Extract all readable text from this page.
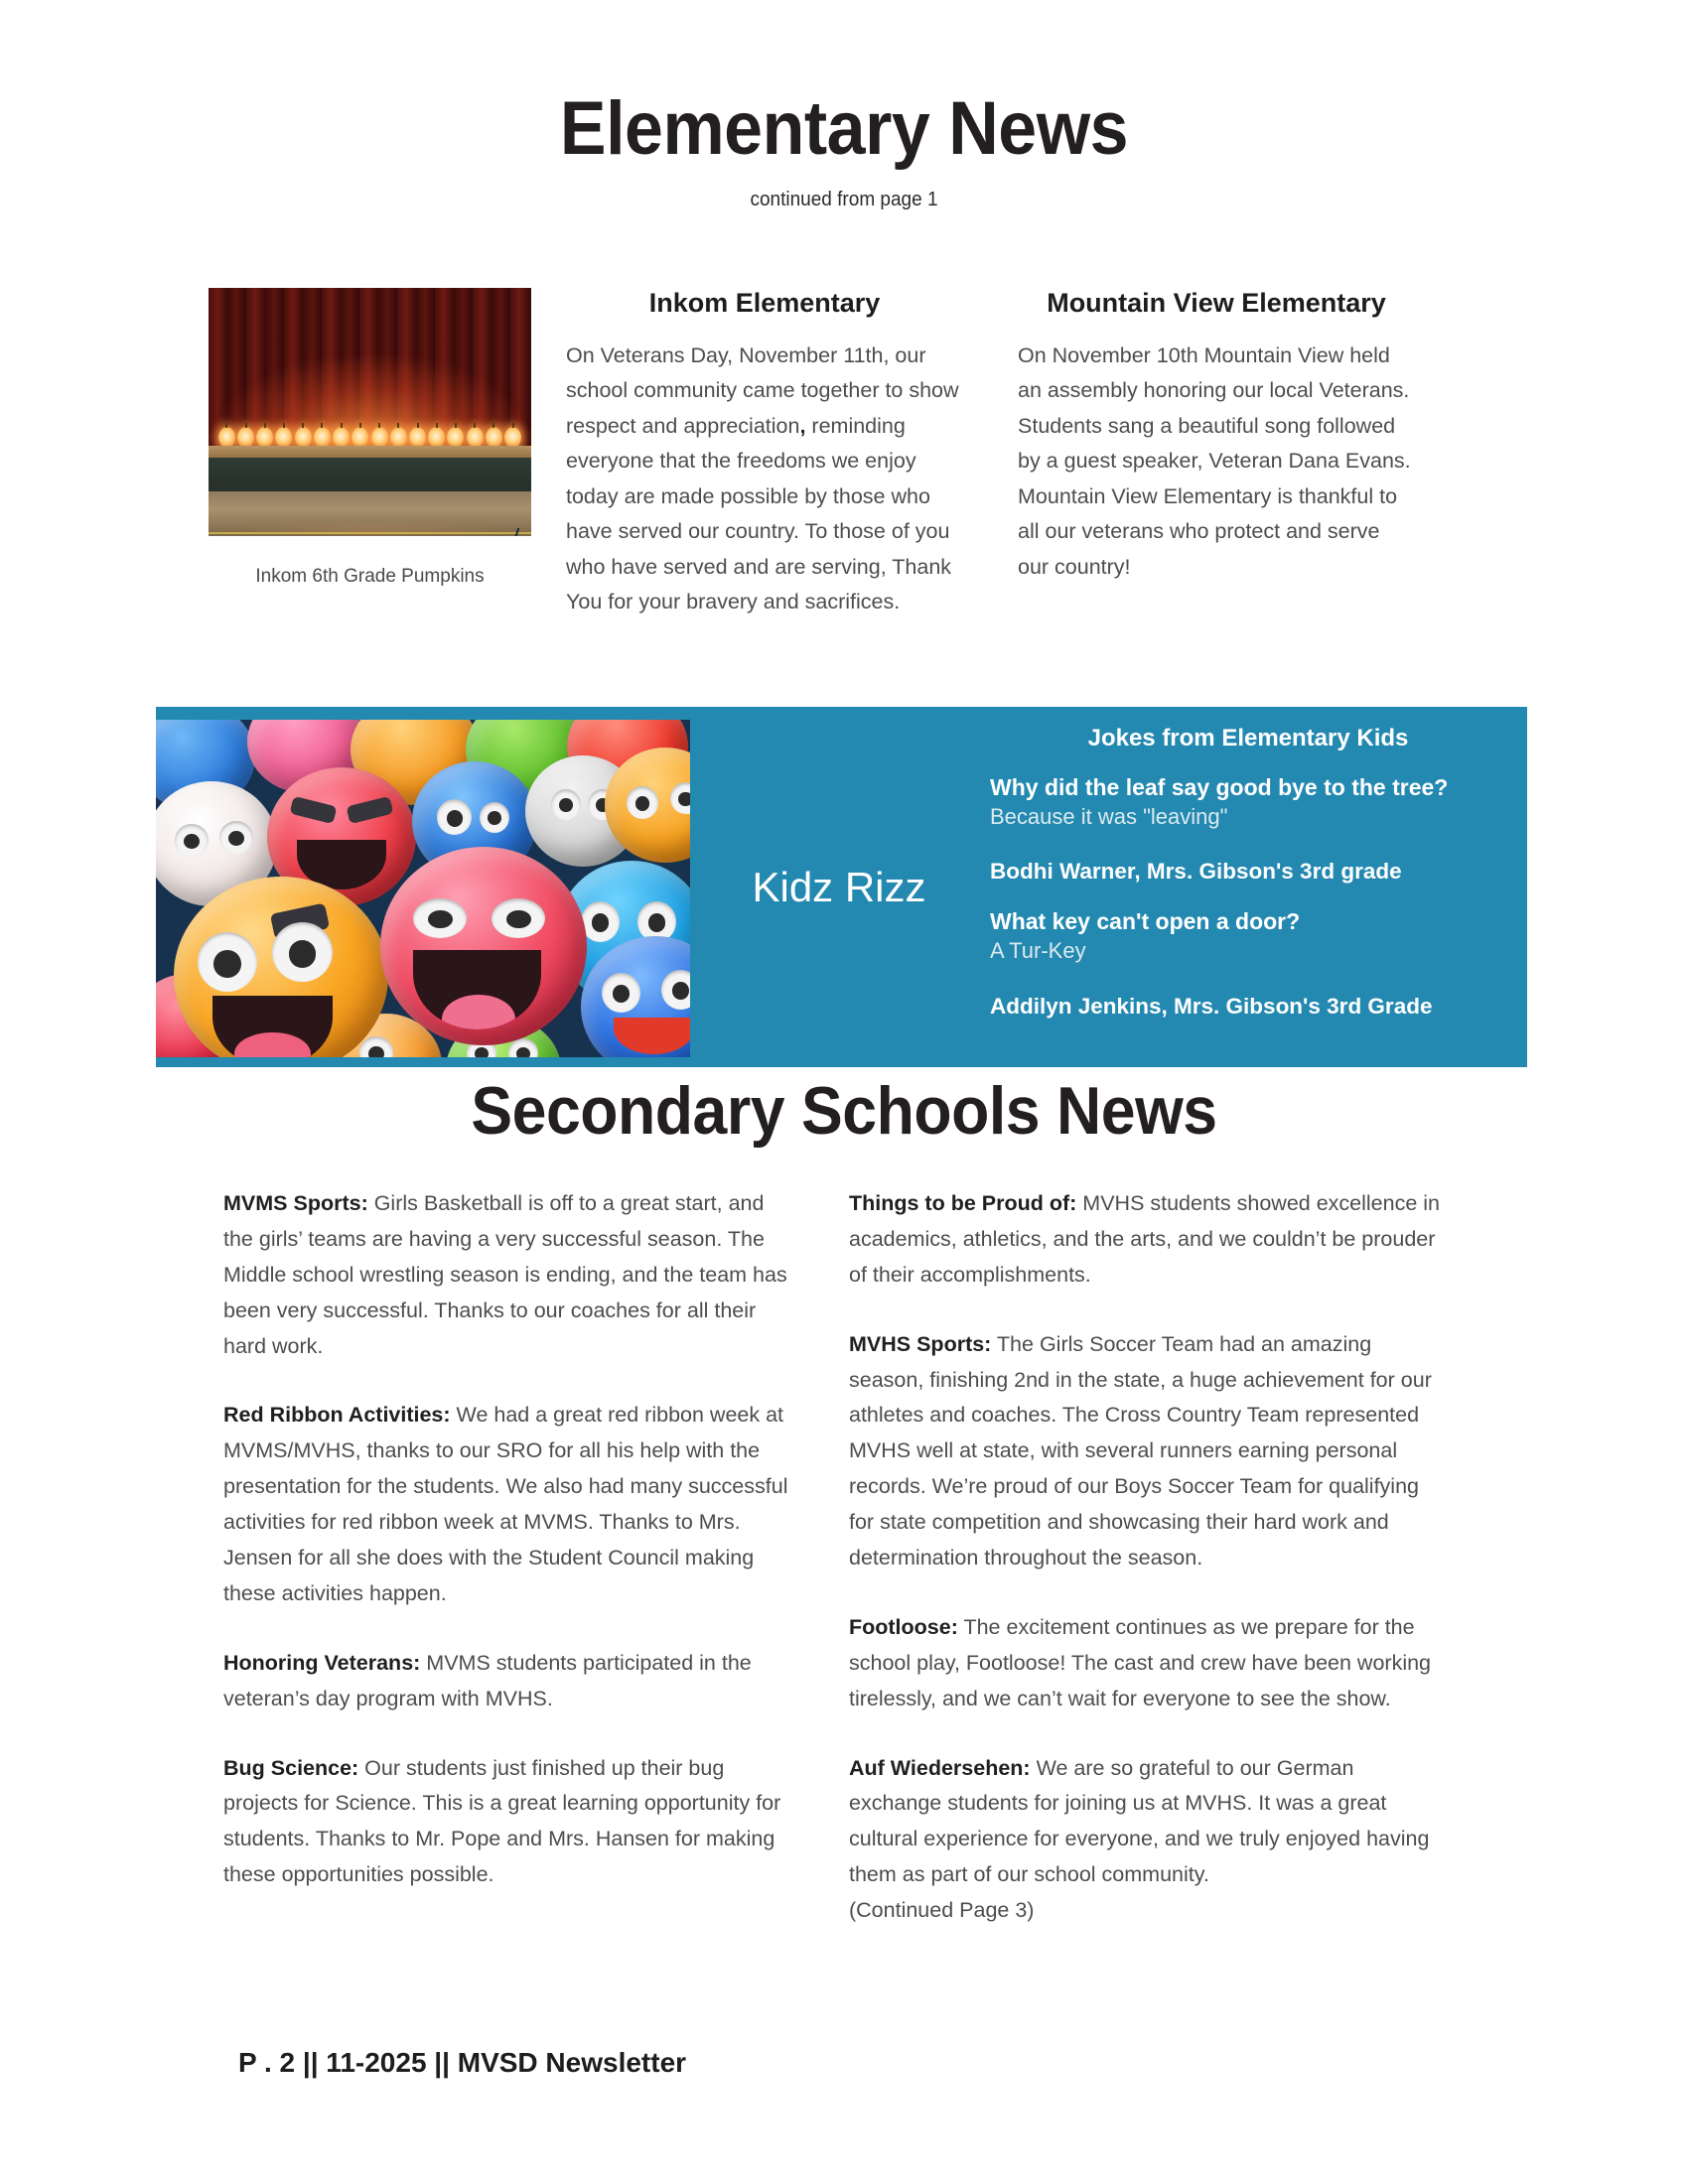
Elementary News
continued from page 1
Inkom 6th Grade Pumpkins
Inkom Elementary

On Veterans Day, November 11th, our school community came together to show respect and appreciation, reminding everyone that the freedoms we enjoy today are made possible by those who have served our country. To those of you who have served and are serving, Thank You for your bravery and sacrifices.

Mountain View Elementary

On November 10th Mountain View held an assembly honoring our local Veterans. Students sang a beautiful song followed by a guest speaker, Veteran Dana Evans. Mountain View Elementary is thankful to all our veterans who protect and serve our country!

Kidz Rizz
Jokes from Elementary Kids
Why did the leaf say good bye to the tree?
Because it was "leaving"
Bodhi Warner, Mrs. Gibson's 3rd grade
What key can't open a door?
A Tur-Key
Addilyn Jenkins, Mrs. Gibson's 3rd Grade
Secondary Schools News

MVMS Sports: Girls Basketball is off to a great start, and the girls’ teams are having a very successful season. The Middle school wrestling season is ending, and the team has been very successful. Thanks to our coaches for all their hard work.

Red Ribbon Activities: We had a great red ribbon week at MVMS/MVHS, thanks to our SRO for all his help with the presentation for the students. We also had many successful activities for red ribbon week at MVMS. Thanks to Mrs. Jensen for all she does with the Student Council making these activities happen.

Honoring Veterans: MVMS students participated in the veteran’s day program with MVHS.

Bug Science: Our students just finished up their bug projects for Science. This is a great learning opportunity for students. Thanks to Mr. Pope and Mrs. Hansen for making these opportunities possible.

Things to be Proud of: MVHS students showed excellence in academics, athletics, and the arts, and we couldn’t be prouder of their accomplishments.

MVHS Sports: The Girls Soccer Team had an amazing season, finishing 2nd in the state, a huge achievement for our athletes and coaches. The Cross Country Team represented MVHS well at state, with several runners earning personal records. We’re proud of our Boys Soccer Team for qualifying for state competition and showcasing their hard work and determination throughout the season.

Footloose: The excitement continues as we prepare for the school play, Footloose! The cast and crew have been working tirelessly, and we can’t wait for everyone to see the show.

Auf Wiedersehen: We are so grateful to our German exchange students for joining us at MVHS. It was a great cultural experience for everyone, and we truly enjoyed having them as part of our school community.
(Continued Page 3)

P . 2 || 11-2025 || MVSD Newsletter
